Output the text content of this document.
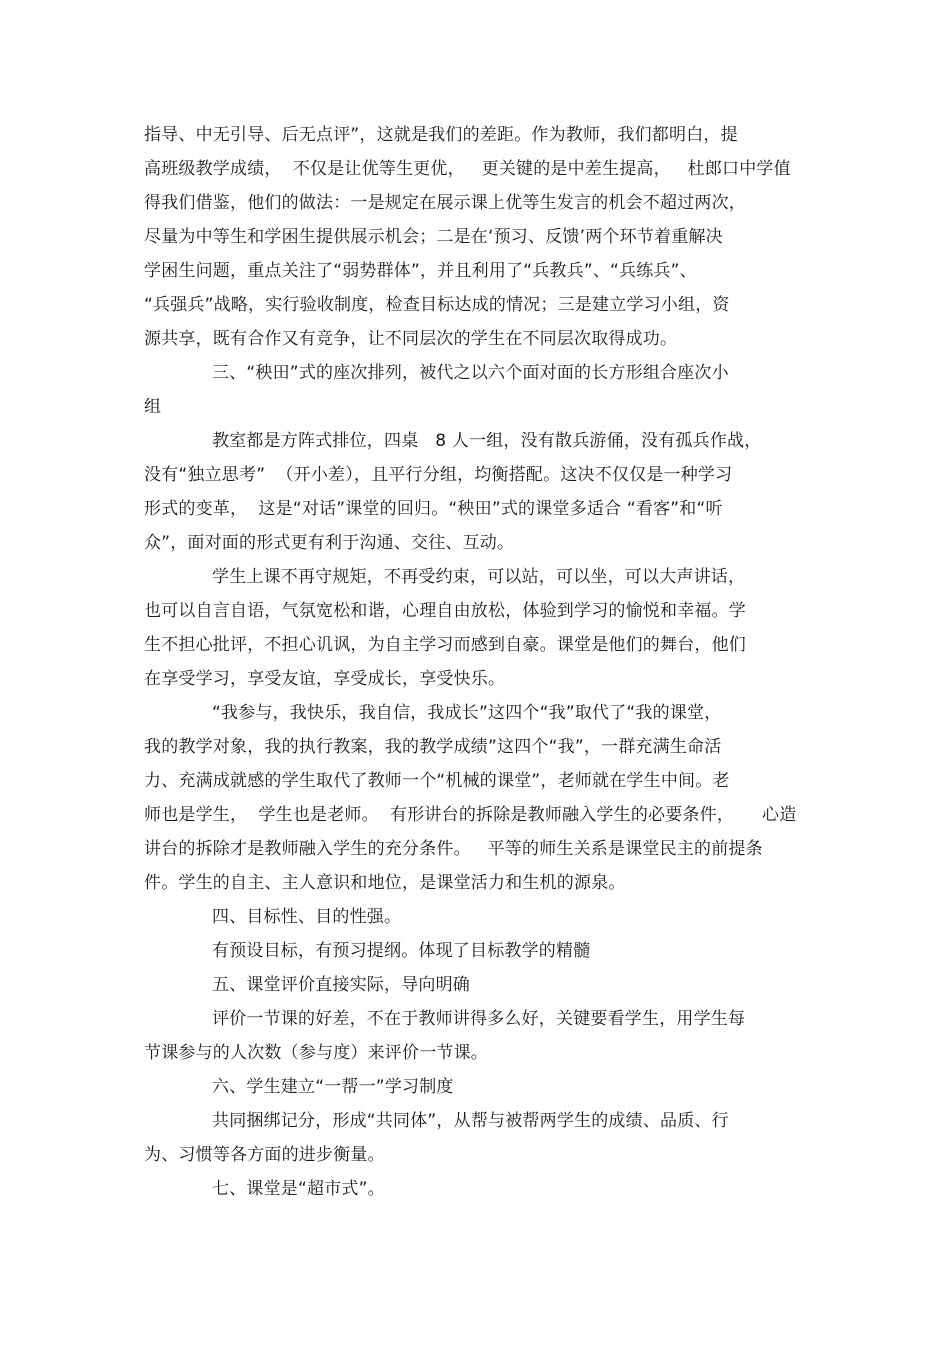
指导、中无引导、后无点评”，这就是我们的差距。作为教师，我们都明白，提
高班级教学成绩，  不仅是让优等生更优，   更关键的是中差生提高，   杜郎口中学值
得我们借鉴，他们的做法：一是规定在展示课上优等生发言的机会不超过两次，
尽量为中等生和学困生提供展示机会；二是在‘预习、反馈’两个环节着重解决
学困生问题，重点关注了“弱势群体”，并且利用了“兵教兵”、“兵练兵”、
“兵强兵”战略，实行验收制度，检查目标达成的情况；三是建立学习小组，资
源共享，既有合作又有竞争，让不同层次的学生在不同层次取得成功。
三、“秧田”式的座次排列，被代之以六个面对面的长方形组合座次小
组
教室都是方阵式排位，四桌   8 人一组，没有散兵游俑，没有孤兵作战，
没有“独立思考”  （开小差），且平行分组，均衡搭配。这决不仅仅是一种学习
形式的变革，  这是“对话”课堂的回归。“秧田”式的课堂多适合 “看客”和“听
众”，面对面的形式更有利于沟通、交往、互动。
学生上课不再守规矩，不再受约束，可以站，可以坐，可以大声讲话，
也可以自言自语，气氛宽松和谐，心理自由放松，体验到学习的愉悦和幸福。学
生不担心批评，不担心讥讽，为自主学习而感到自豪。课堂是他们的舞台，他们
在享受学习，享受友谊，享受成长，享受快乐。
“我参与，我快乐，我自信，我成长”这四个“我”取代了“我的课堂，
我的教学对象，我的执行教案，我的教学成绩”这四个“我”，一群充满生命活
力、充满成就感的学生取代了教师一个“机械的课堂”，老师就在学生中间。老
师也是学生，  学生也是老师。  有形讲台的拆除是教师融入学生的必要条件，     心造
讲台的拆除才是教师融入学生的充分条件。   平等的师生关系是课堂民主的前提条
件。学生的自主、主人意识和地位，是课堂活力和生机的源泉。
四、目标性、目的性强。
有预设目标，有预习提纲。体现了目标教学的精髓
五、课堂评价直接实际，导向明确
评价一节课的好差，不在于教师讲得多么好，关键要看学生，用学生每
节课参与的人次数（参与度）来评价一节课。
六、学生建立“一帮一”学习制度
共同捆绑记分，形成“共同体”，从帮与被帮两学生的成绩、品质、行
为、习惯等各方面的进步衡量。
七、课堂是“超市式”。
